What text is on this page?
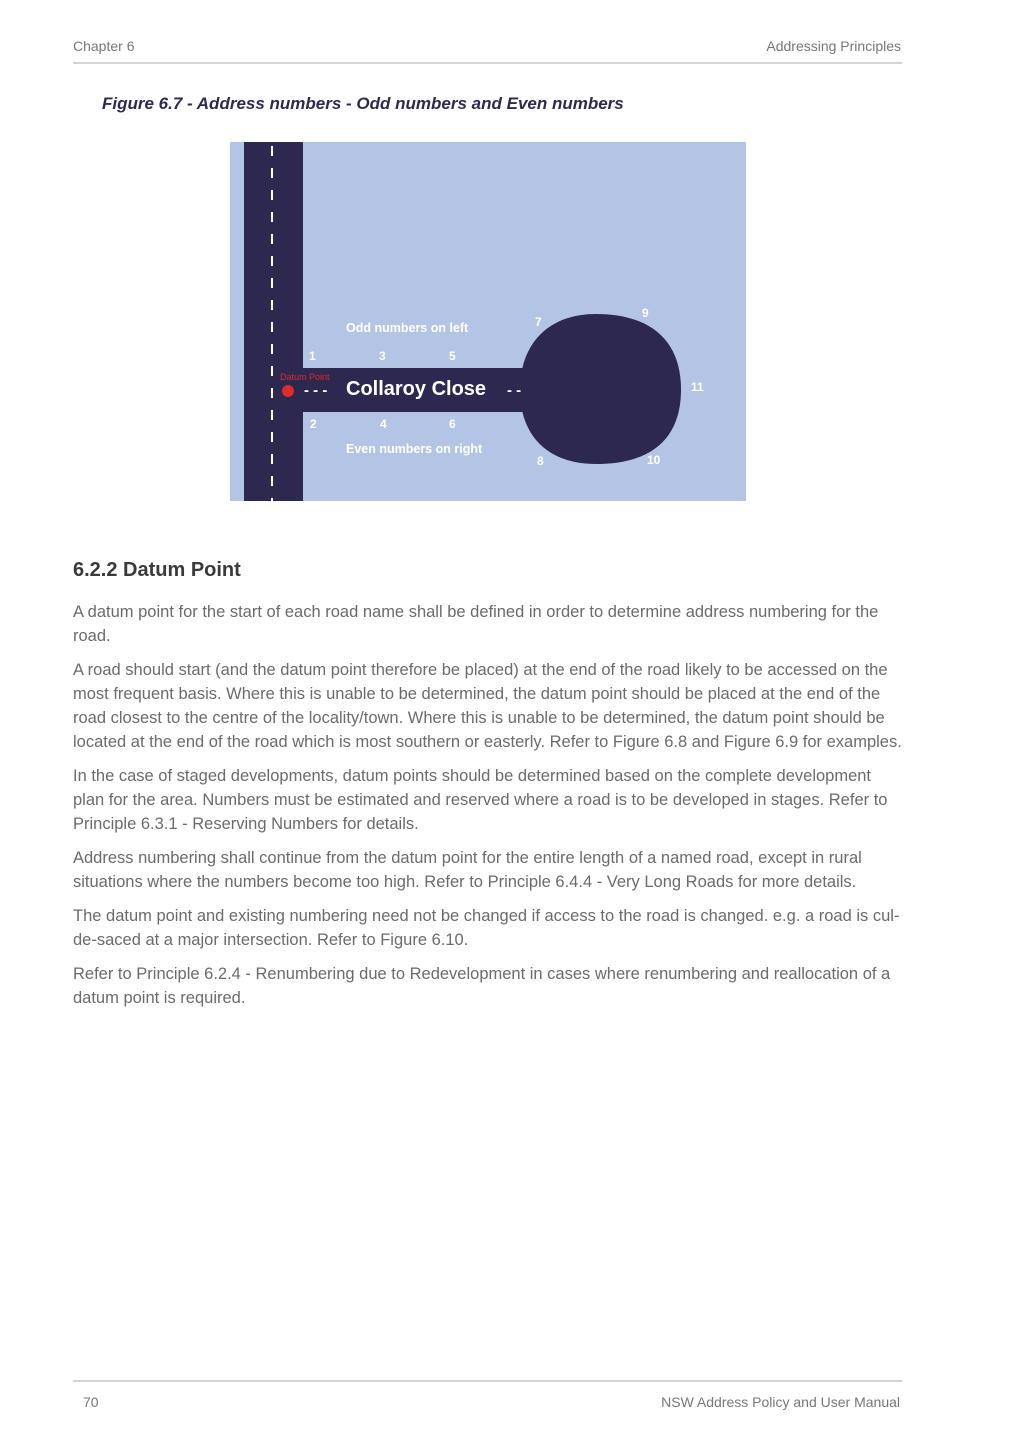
Chapter 6	Addressing Principles
Figure 6.7 - Address numbers - Odd numbers and Even numbers
Datum Point
- - - Collaroy Close - -
Odd numbers on left
Even numbers on right
1
2
3
4
5
6
7
8
9
10
11
6.2.2 Datum Point

A datum point for the start of each road name shall be defined in order to determine address numbering for the road.

A road should start (and the datum point therefore be placed) at the end of the road likely to be accessed on the most frequent basis. Where this is unable to be determined, the datum point should be placed at the end of the road closest to the centre of the locality/town. Where this is unable to be determined, the datum point should be located at the end of the road which is most southern or easterly. Refer to Figure 6.8 and Figure 6.9 for examples.

In the case of staged developments, datum points should be determined based on the complete development plan for the area. Numbers must be estimated and reserved where a road is to be developed in stages. Refer to Principle 6.3.1 - Reserving Numbers for details.

Address numbering shall continue from the datum point for the entire length of a named road, except in rural situations where the numbers become too high. Refer to Principle 6.4.4 - Very Long Roads for more details.

The datum point and existing numbering need not be changed if access to the road is changed. e.g. a road is cul-de-saced at a major intersection. Refer to Figure 6.10.

Refer to Principle 6.2.4 - Renumbering due to Redevelopment in cases where renumbering and reallocation of a datum point is required.

70	NSW Address Policy and User Manual
